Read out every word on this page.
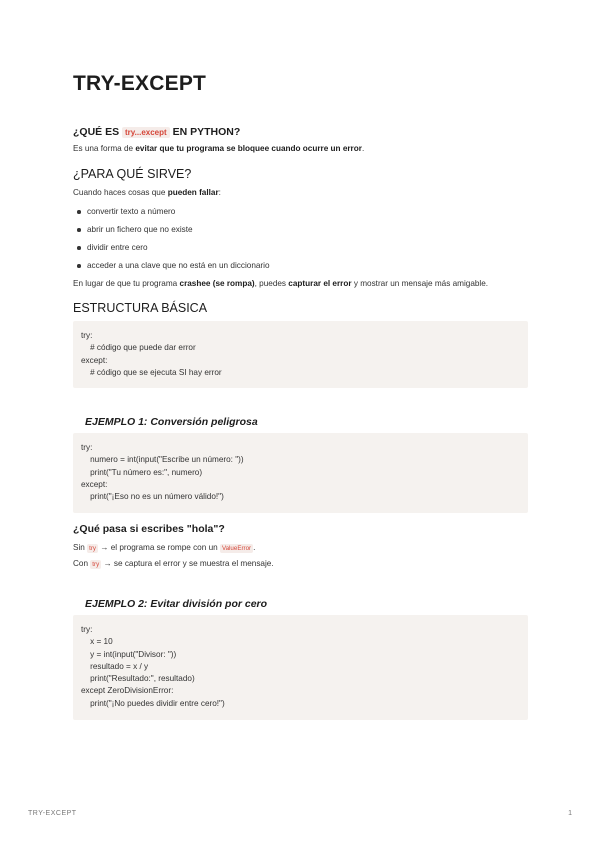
TRY-EXCEPT
¿QUÉ ES try...except EN PYTHON?
Es una forma de evitar que tu programa se bloquee cuando ocurre un error.
¿PARA QUÉ SIRVE?
Cuando haces cosas que pueden fallar:
convertir texto a número
abrir un fichero que no existe
dividir entre cero
acceder a una clave que no está en un diccionario
En lugar de que tu programa crashee (se rompa), puedes capturar el error y mostrar un mensaje más amigable.
ESTRUCTURA BÁSICA
try:
# código que puede dar error
except:
# código que se ejecuta SI hay error
EJEMPLO 1: Conversión peligrosa
try:
numero = int(input("Escribe un número: "))
print("Tu número es:", numero)
except:
print("¡Eso no es un número válido!")
¿Qué pasa si escribes "hola"?
Sin try → el programa se rompe con un ValueError .
Con try → se captura el error y se muestra el mensaje.
EJEMPLO 2: Evitar división por cero
try:
x = 10
y = int(input("Divisor: "))
resultado = x / y
print("Resultado:", resultado)
except ZeroDivisionError:
print("¡No puedes dividir entre cero!")
TRY-EXCEPT	1
